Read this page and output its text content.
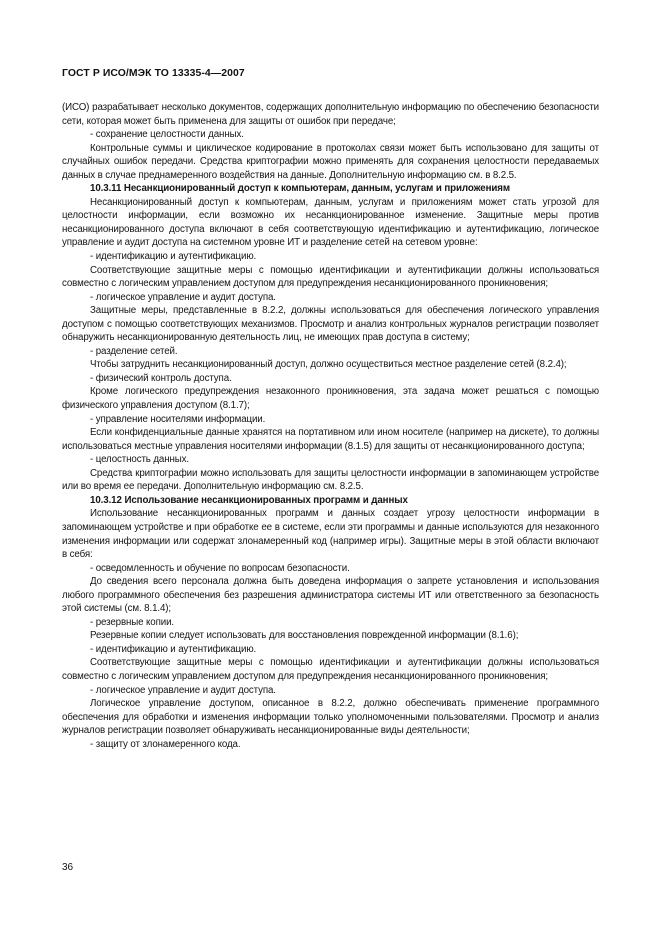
ГОСТ Р ИСО/МЭК ТО 13335-4—2007

(ИСО) разрабатывает несколько документов, содержащих дополнительную информацию по обеспечению безопасности сети, которая может быть применена для защиты от ошибок при передаче;

- сохранение целостности данных.

Контрольные суммы и циклическое кодирование в протоколах связи может быть использовано для защиты от случайных ошибок передачи. Средства криптографии можно применять для сохранения целостности передаваемых данных в случае преднамеренного воздействия на данные. Дополнительную информацию см. в 8.2.5.

10.3.11 Несанкционированный доступ к компьютерам, данным, услугам и приложениям

Несанкционированный доступ к компьютерам, данным, услугам и приложениям может стать угрозой для целостности информации, если возможно их несанкционированное изменение. Защитные меры против несанкционированного доступа включают в себя соответствующую идентификацию и аутентификацию, логическое управление и аудит доступа на системном уровне ИТ и разделение сетей на сетевом уровне:

- идентификацию и аутентификацию.

Соответствующие защитные меры с помощью идентификации и аутентификации должны использоваться совместно с логическим управлением доступом для предупреждения несанкционированного проникновения;

- логическое управление и аудит доступа.

Защитные меры, представленные в 8.2.2, должны использоваться для обеспечения логического управления доступом с помощью соответствующих механизмов. Просмотр и анализ контрольных журналов регистрации позволяет обнаружить несанкционированную деятельность лиц, не имеющих прав доступа в систему;

- разделение сетей.

Чтобы затруднить несанкционированный доступ, должно осуществиться местное разделение сетей (8.2.4);

- физический контроль доступа.

Кроме логического предупреждения незаконного проникновения, эта задача может решаться с помощью физического управления доступом (8.1.7);

- управление носителями информации.

Если конфиденциальные данные хранятся на портативном или ином носителе (например на дискете), то должны использоваться местные управления носителями информации (8.1.5) для защиты от несанкционированного доступа;

- целостность данных.

Средства криптографии можно использовать для защиты целостности информации в запоминающем устройстве или во время ее передачи. Дополнительную информацию см. 8.2.5.

10.3.12 Использование несанкционированных программ и данных

Использование несанкционированных программ и данных создает угрозу целостности информации в запоминающем устройстве и при обработке ее в системе, если эти программы и данные используются для незаконного изменения информации или содержат злонамеренный код (например игры). Защитные меры в этой области включают в себя:

- осведомленность и обучение по вопросам безопасности.

До сведения всего персонала должна быть доведена информация о запрете установления и использования любого программного обеспечения без разрешения администратора системы ИТ или ответственного за безопасность этой системы (см. 8.1.4);

- резервные копии.

Резервные копии следует использовать для восстановления поврежденной информации (8.1.6);

- идентификацию и аутентификацию.

Соответствующие защитные меры с помощью идентификации и аутентификации должны использоваться совместно с логическим управлением доступом для предупреждения несанкционированного проникновения;

- логическое управление и аудит доступа.

Логическое управление доступом, описанное в 8.2.2, должно обеспечивать применение программного обеспечения для обработки и изменения информации только уполномоченными пользователями. Просмотр и анализ журналов регистрации позволяет обнаруживать несанкционированные виды деятельности;

- защиту от злонамеренного кода.

36
